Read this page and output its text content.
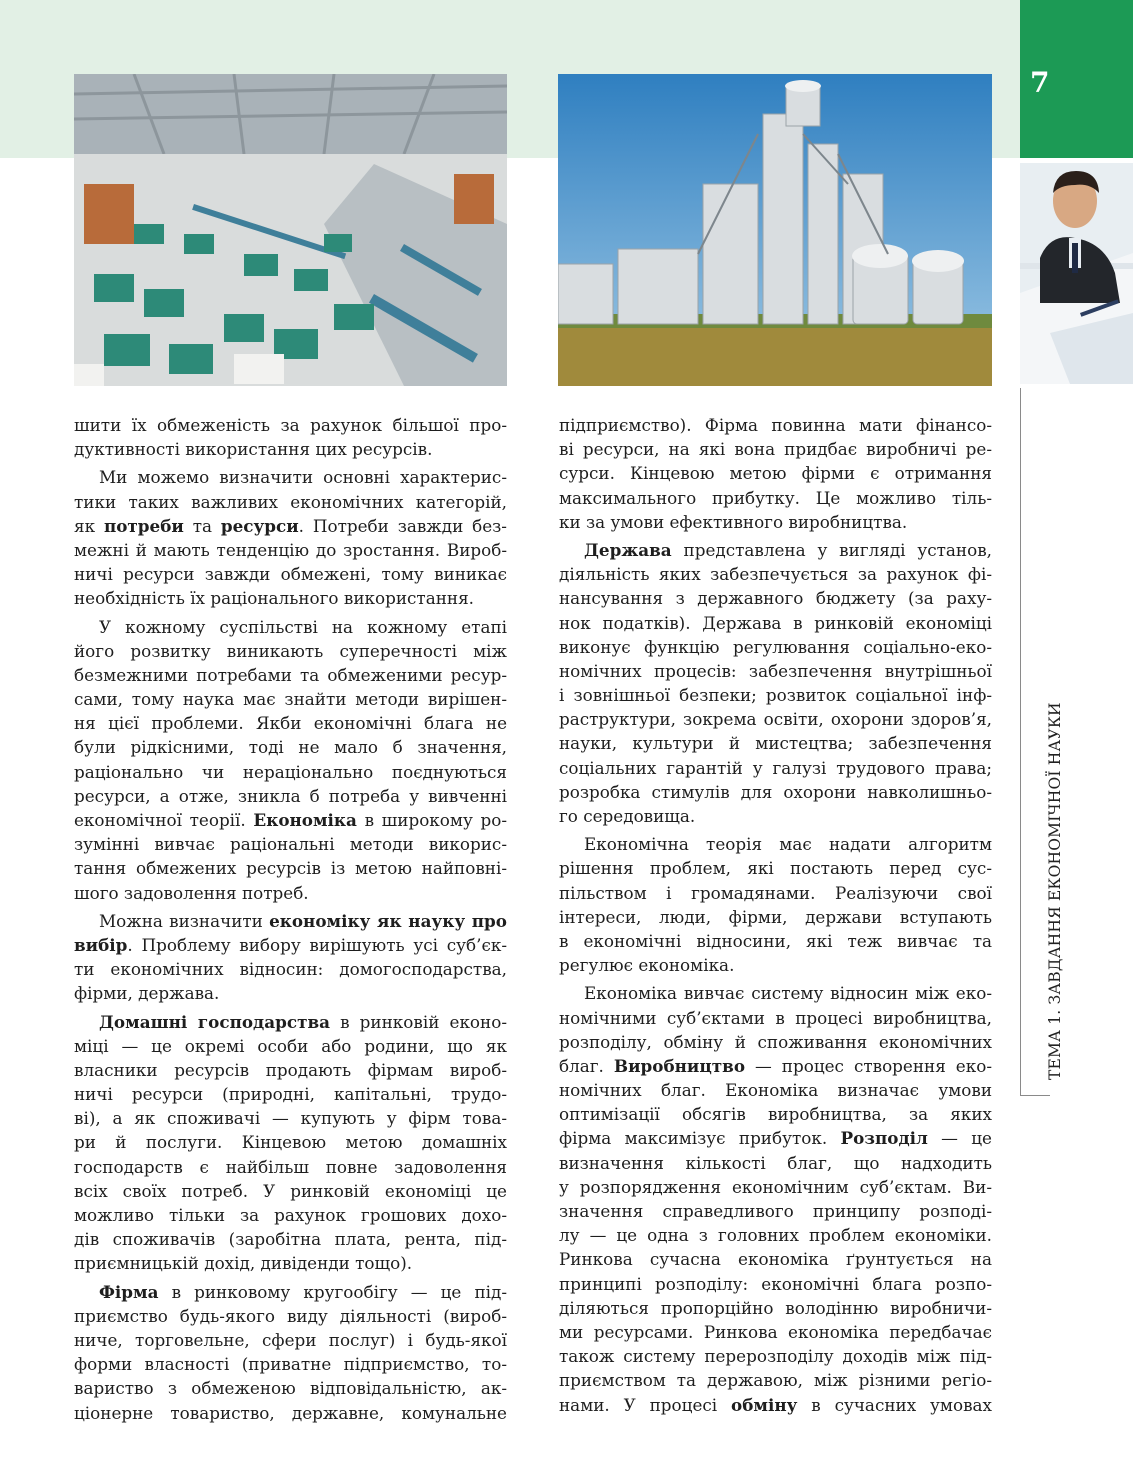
7
ТЕМА 1. ЗАВДАННЯ ЕКОНОМІЧНОЇ НАУКИ
шити їх обмеженість за рахунок більшої про-
дуктивності використання цих ресурсів.
Ми можемо визначити основні характерис-
тики таких важливих економічних категорій,
як потреби та ресурси. Потреби завжди без-
межні й мають тенденцію до зростання. Вироб-
ничі ресурси завжди обмежені, тому виникає
необхідність їх раціонального використання.
У кожному суспільстві на кожному етапі
його розвитку виникають суперечності між
безмежними потребами та обмеженими ресур-
сами, тому наука має знайти методи вирішен-
ня цієї проблеми. Якби економічні блага не
були рідкісними, тоді не мало б значення,
раціонально чи нераціонально поєднуються
ресурси, а отже, зникла б потреба у вивченні
економічної теорії. Економіка в широкому ро-
зумінні вивчає раціональні методи викорис-
тання обмежених ресурсів із метою найповні-
шого задоволення потреб.
Можна визначити економіку як науку про
вибір. Проблему вибору вирішують усі суб’єк-
ти економічних відносин: домогосподарства,
фірми, держава.
Домашні господарства в ринковій еконо-
міці — це окремі особи або родини, що як
власники ресурсів продають фірмам вироб-
ничі ресурси (природні, капітальні, трудо-
ві), а як споживачі — купують у фірм това-
ри й послуги. Кінцевою метою домашніх
господарств є найбільш повне задоволення
всіх своїх потреб. У ринковій економіці це
можливо тільки за рахунок грошових дохо-
дів споживачів (заробітна плата, рента, під-
приємницькій дохід, дивіденди тощо).
Фірма в ринковому кругообігу — це під-
приємство будь-якого виду діяльності (вироб-
ниче, торговельне, сфери послуг) і будь-якої
форми власності (приватне підприємство, то-
вариство з обмеженою відповідальністю, ак-
ціонерне товариство, державне, комунальне
підприємство). Фірма повинна мати фінансо-
ві ресурси, на які вона придбає виробничі ре-
сурси. Кінцевою метою фірми є отримання
максимального прибутку. Це можливо тіль-
ки за умови ефективного виробництва.
Держава представлена у вигляді установ,
діяльність яких забезпечується за рахунок фі-
нансування з державного бюджету (за раху-
нок податків). Держава в ринковій економіці
виконує функцію регулювання соціально-еко-
номічних процесів: забезпечення внутрішньої
і зовнішньої безпеки; розвиток соціальної інф-
раструктури, зокрема освіти, охорони здоров’я,
науки, культури й мистецтва; забезпечення
соціальних гарантій у галузі трудового права;
розробка стимулів для охорони навколишньо-
го середовища.
Економічна теорія має надати алгоритм
рішення проблем, які постають перед сус-
пільством і громадянами. Реалізуючи свої
інтереси, люди, фірми, держави вступають
в економічні відносини, які теж вивчає та
регулює економіка.
Економіка вивчає систему відносин між еко-
номічними суб’єктами в процесі виробництва,
розподілу, обміну й споживання економічних
благ. Виробництво — процес створення еко-
номічних благ. Економіка визначає умови
оптимізації обсягів виробництва, за яких
фірма максимізує прибуток. Розподіл — це
визначення кількості благ, що надходить
у розпорядження економічним суб’єктам. Ви-
значення справедливого принципу розподі-
лу — це одна з головних проблем економіки.
Ринкова сучасна економіка ґрунтується на
принципі розподілу: економічні блага розпо-
діляються пропорційно володінню виробничи-
ми ресурсами. Ринкова економіка передбачає
також систему перерозподілу доходів між під-
приємством та державою, між різними регіо-
нами. У процесі обміну в сучасних умовах
